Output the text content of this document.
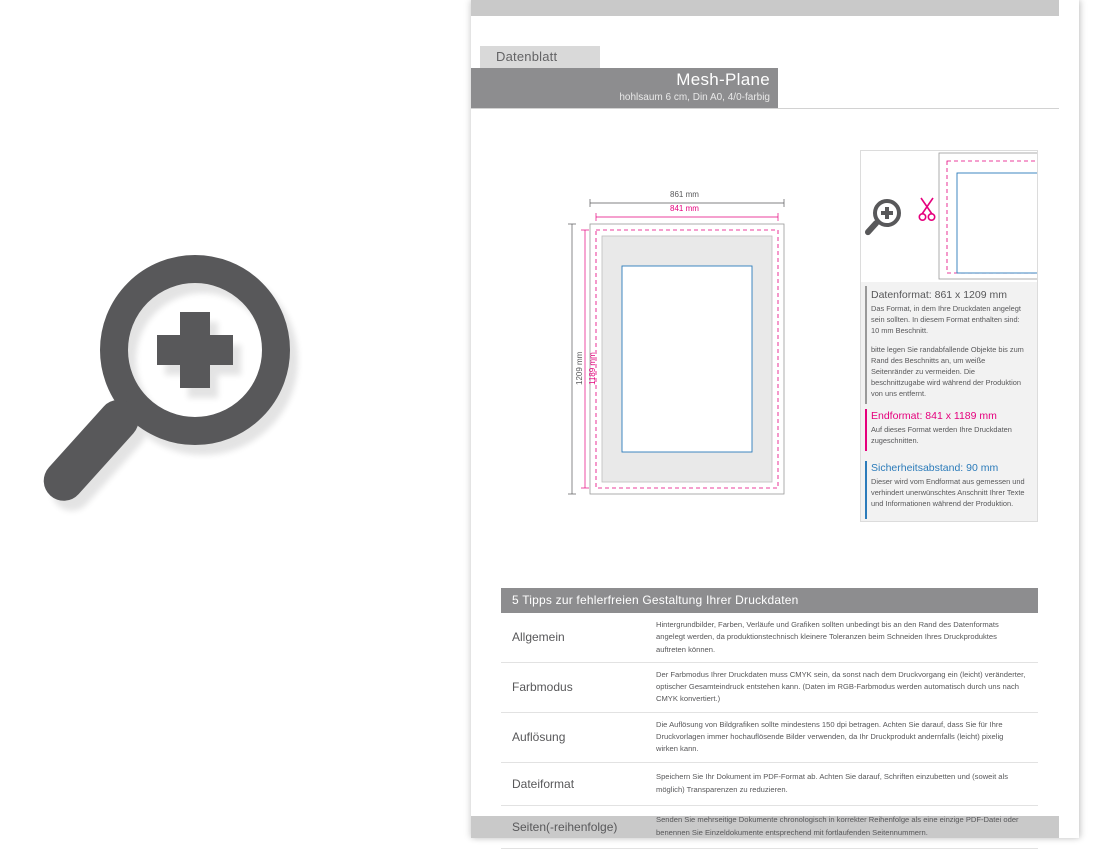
Datenblatt
Mesh-Plane
hohlsaum 6 cm, Din A0, 4/0-farbig
861 mm
841 mm
1209 mm 1189 mm
Datenformat: 861 x 1209 mm
Das Format, in dem Ihre Druckdaten angelegt sein sollten. In diesem Format enthalten sind: 10 mm Beschnitt.
bitte legen Sie randabfallende Objekte bis zum Rand des Beschnitts an, um weiße Seitenränder zu vermeiden. Die beschnittzugabe wird während der Produktion von uns entfernt.
Endformat: 841 x 1189 mm
Auf dieses Format werden Ihre Druckdaten zugeschnitten.
Sicherheitsabstand: 90 mm
Dieser wird vom Endformat aus gemessen und verhindert unerwünschtes Anschnitt Ihrer Texte und Informationen während der Produktion.
5 Tipps zur fehlerfreien Gestaltung Ihrer Druckdaten
Allgemein
Hintergrundbilder, Farben, Verläufe und Grafiken sollten unbedingt bis an den Rand des Datenformats angelegt werden, da produktionstechnisch kleinere Toleranzen beim Schneiden Ihres Druckproduktes auftreten können.
Farbmodus
Der Farbmodus Ihrer Druckdaten muss CMYK sein, da sonst nach dem Druckvorgang ein (leicht) veränderter, optischer Gesamteindruck entstehen kann. (Daten im RGB-Farbmodus werden automatisch durch uns nach CMYK konvertiert.)
Auflösung
Die Auflösung von Bildgrafiken sollte mindestens 150 dpi betragen. Achten Sie darauf, dass Sie für Ihre Druckvorlagen immer hochauflösende Bilder verwenden, da Ihr Druckprodukt andernfalls (leicht) pixelig wirken kann.
Dateiformat	Speichern Sie Ihr Dokument im PDF-Format ab. Achten Sie darauf, Schriften einzubetten und (soweit als möglich) Transparenzen zu reduzieren.
Seiten(-reihenfolge)	Senden Sie mehrseitige Dokumente chronologisch in korrekter Reihenfolge als eine einzige PDF-Datei oder benennen Sie Einzeldokumente entsprechend mit fortlaufenden Seitennummern.
